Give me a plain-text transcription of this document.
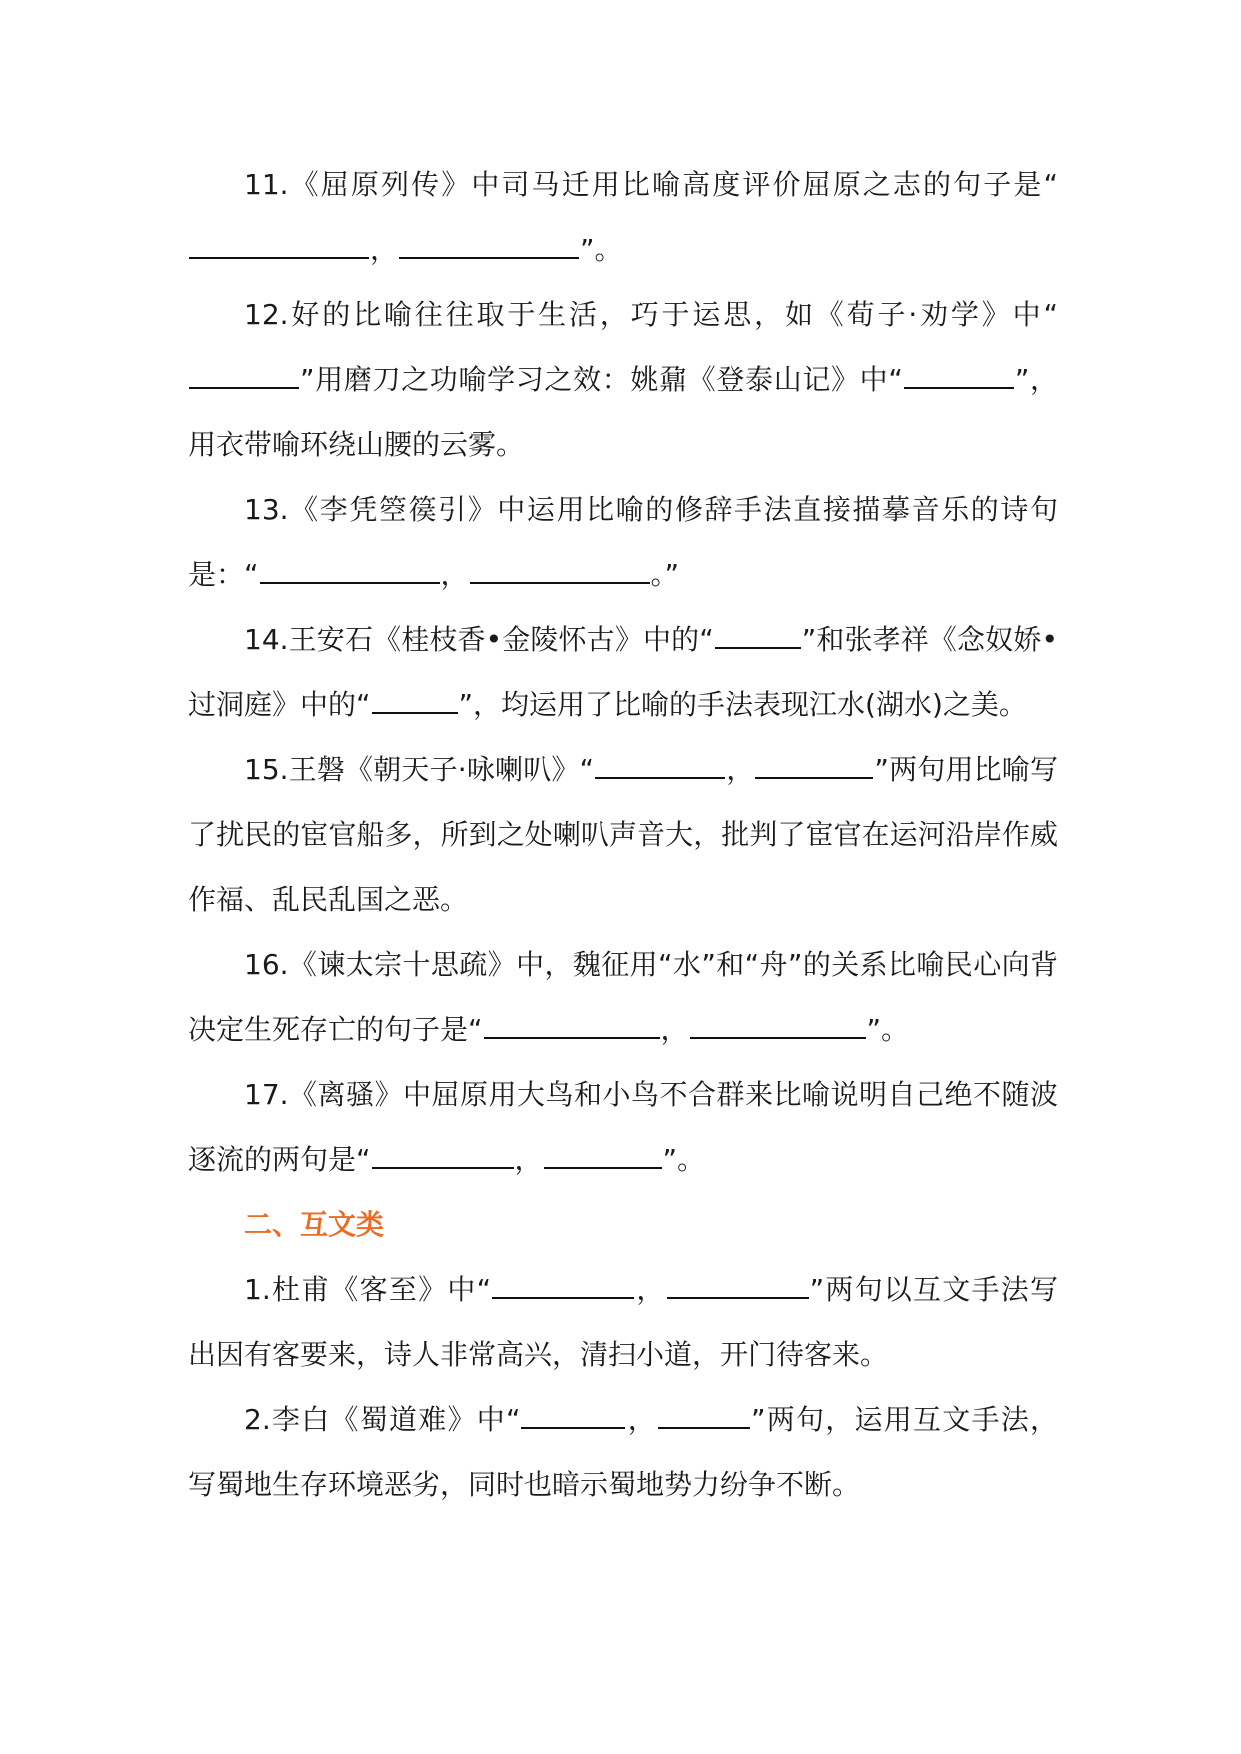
11.《屈原列传》中司马迁用比喻高度评价屈原之志的句子是“，	”。

12.好的比喻往往取于生活，巧于运思，如《荀子·劝学》中“”用磨刀之功喻学习之效：姚鼐《登泰山记》中“	”，用衣带喻环绕山腰的云雾。

13.《李凭箜篌引》中运用比喻的修辞手法直接描摹音乐的诗句是：“	，	。”

14.王安石《桂枝香•金陵怀古》中的“	”和张孝祥《念奴娇•过洞庭》中的“	”，均运用了比喻的手法表现江水(湖水)之美。

15.王磐《朝天子·咏喇叭》“	，	”两句用比喻写了扰民的宦官船多，所到之处喇叭声音大，批判了宦官在运河沿岸作威作福、乱民乱国之恶。

16.《谏太宗十思疏》中，魏征用“水”和“舟”的关系比喻民心向背决定生死存亡的句子是“	，	”。

17.《离骚》中屈原用大鸟和小鸟不合群来比喻说明自己绝不随波逐流的两句是“	，	”。

二、互文类

1.杜甫《客至》中“	，	”两句以互文手法写出因有客要来，诗人非常高兴，清扫小道，开门待客来。

2.李白《蜀道难》中“	，	”两句，运用互文手法，写蜀地生存环境恶劣，同时也暗示蜀地势力纷争不断。
